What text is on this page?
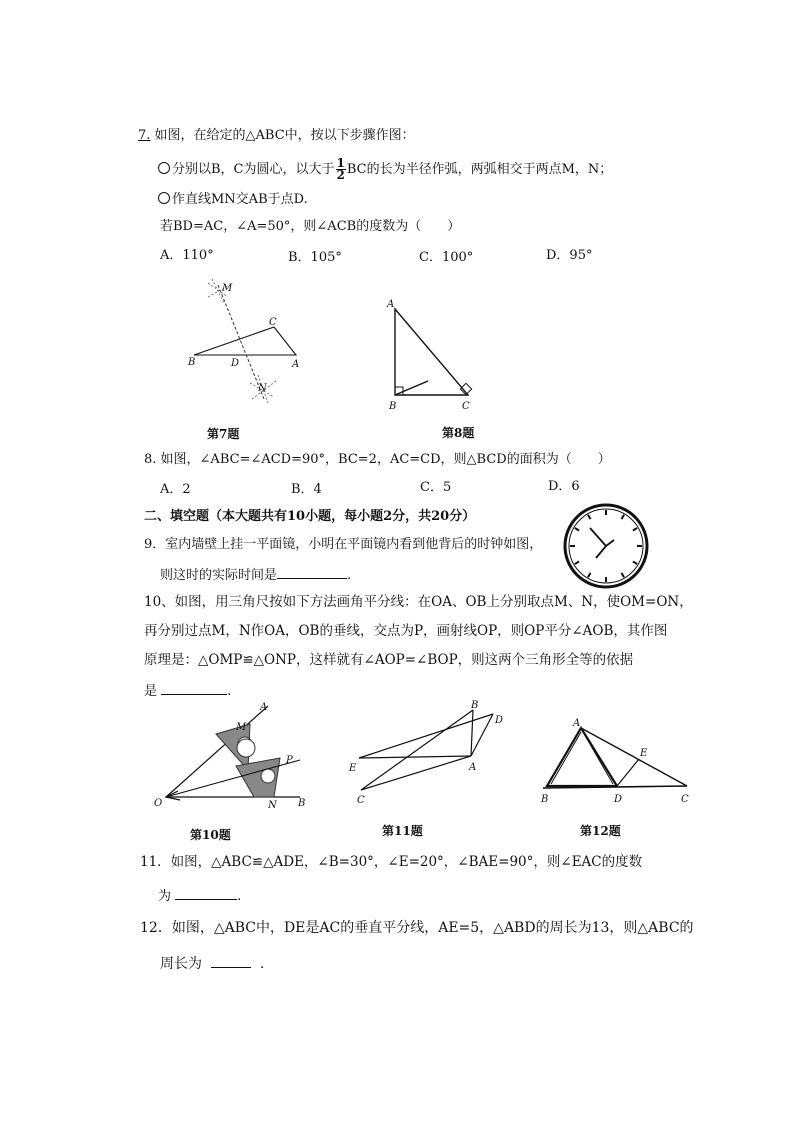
7. 如图，在给定的△ABC中，按以下步骤作图：
分别以B，C为圆心，以大于 $\frac{1}{2}$ BC的长为半径作弧，两弧相交于两点M，N；
作直线MN交AB于点D.
若BD=AC，∠A=50°，则∠ACB的度数为（　　）
A．110°	B．105°	C．100°	D．95°
M
N
B
C
D	A
第7题
A
B	C
第8题
8. 如图，∠ABC=∠ACD=90°，BC=2，AC=CD，则△BCD的面积为（　　）
A．2	B．4	C．5	D．6
二、填空题（本大题共有10小题，每小题2分，共20分）
9．室内墙壁上挂一平面镜，小明在平面镜内看到他背后的时钟如图，
则这时的实际时间是	.
10、如图，用三角尺按如下方法画角平分线：在OA、OB上分别取点M、N，使OM=ON，
再分别过点M，N作OA，OB的垂线，交点为P，画射线OP，则OP平分∠AOB，其作图
原理是：△OMP≌△ONP，这样就有∠AOP=∠BOP，则这两个三角形全等的依据
是	.
A
M
P
N B
O
第10题
B
D
E	A
C
第11题
A
E
B	D	C
第12题
11．如图，△ABC≌△ADE，∠B=30°，∠E=20°，∠BAE=90°，则∠EAC的度数
为	.
12．如图，△ABC中，DE是AC的垂直平分线，AE=5，△ABD的周长为13，则△ABC的
周长为	.
